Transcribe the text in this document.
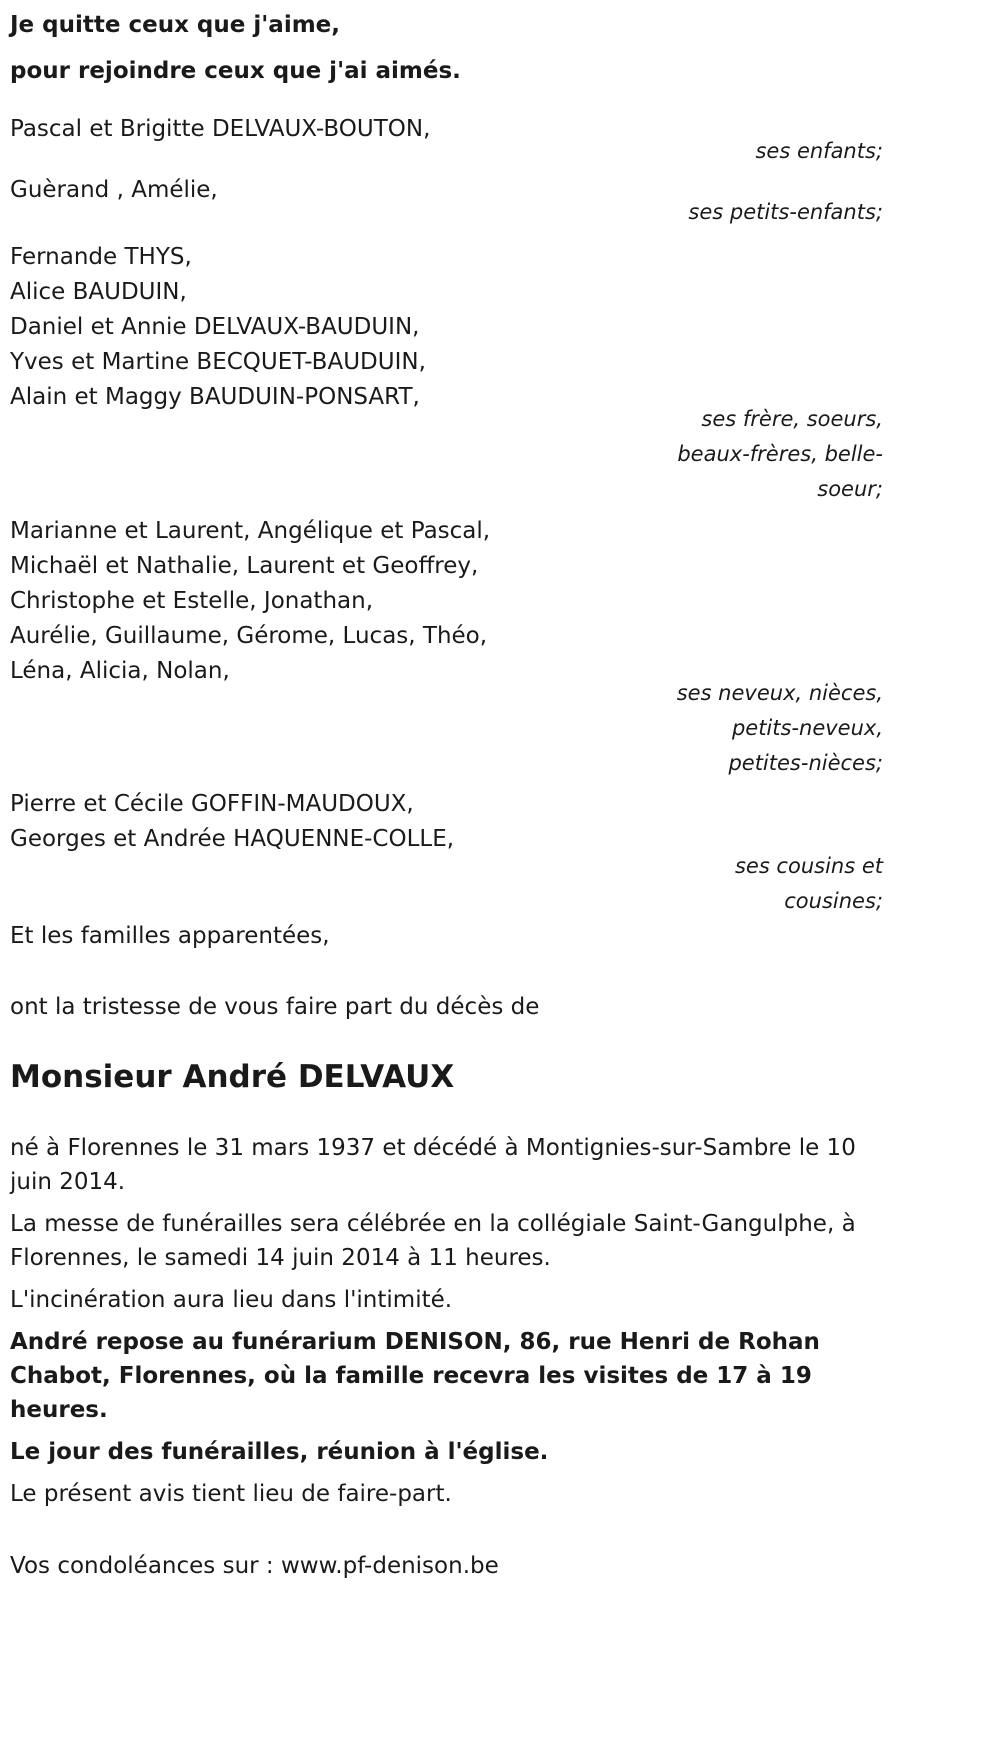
Je quitte ceux que j'aime,
pour rejoindre ceux que j'ai aimés.
Pascal et Brigitte DELVAUX-BOUTON,
ses enfants;
Guèrand , Amélie,
ses petits-enfants;
Fernande THYS,
Alice BAUDUIN,
Daniel et Annie DELVAUX-BAUDUIN,
Yves et Martine BECQUET-BAUDUIN,
Alain et Maggy BAUDUIN-PONSART,
ses frère, soeurs,
beaux-frères, belle-
soeur;
Marianne et Laurent, Angélique et Pascal,
Michaël et Nathalie, Laurent et Geoffrey,
Christophe et Estelle, Jonathan,
Aurélie, Guillaume, Gérome, Lucas, Théo,
Léna, Alicia, Nolan,
ses neveux, nièces,
petits-neveux,
petites-nièces;
Pierre et Cécile GOFFIN-MAUDOUX,
Georges et Andrée HAQUENNE-COLLE,
ses cousins et
cousines;
Et les familles apparentées,
ont la tristesse de vous faire part du décès de
Monsieur André DELVAUX
né à Florennes le 31 mars 1937 et décédé à Montignies-sur-Sambre le 10 juin 2014.
La messe de funérailles sera célébrée en la collégiale Saint-Gangulphe, à Florennes, le samedi 14 juin 2014 à 11 heures.
L'incinération aura lieu dans l'intimité.
André repose au funérarium DENISON, 86, rue Henri de Rohan Chabot, Florennes, où la famille recevra les visites de 17 à 19 heures.
Le jour des funérailles, réunion à l'église.
Le présent avis tient lieu de faire-part.
Vos condoléances sur : www.pf-denison.be
